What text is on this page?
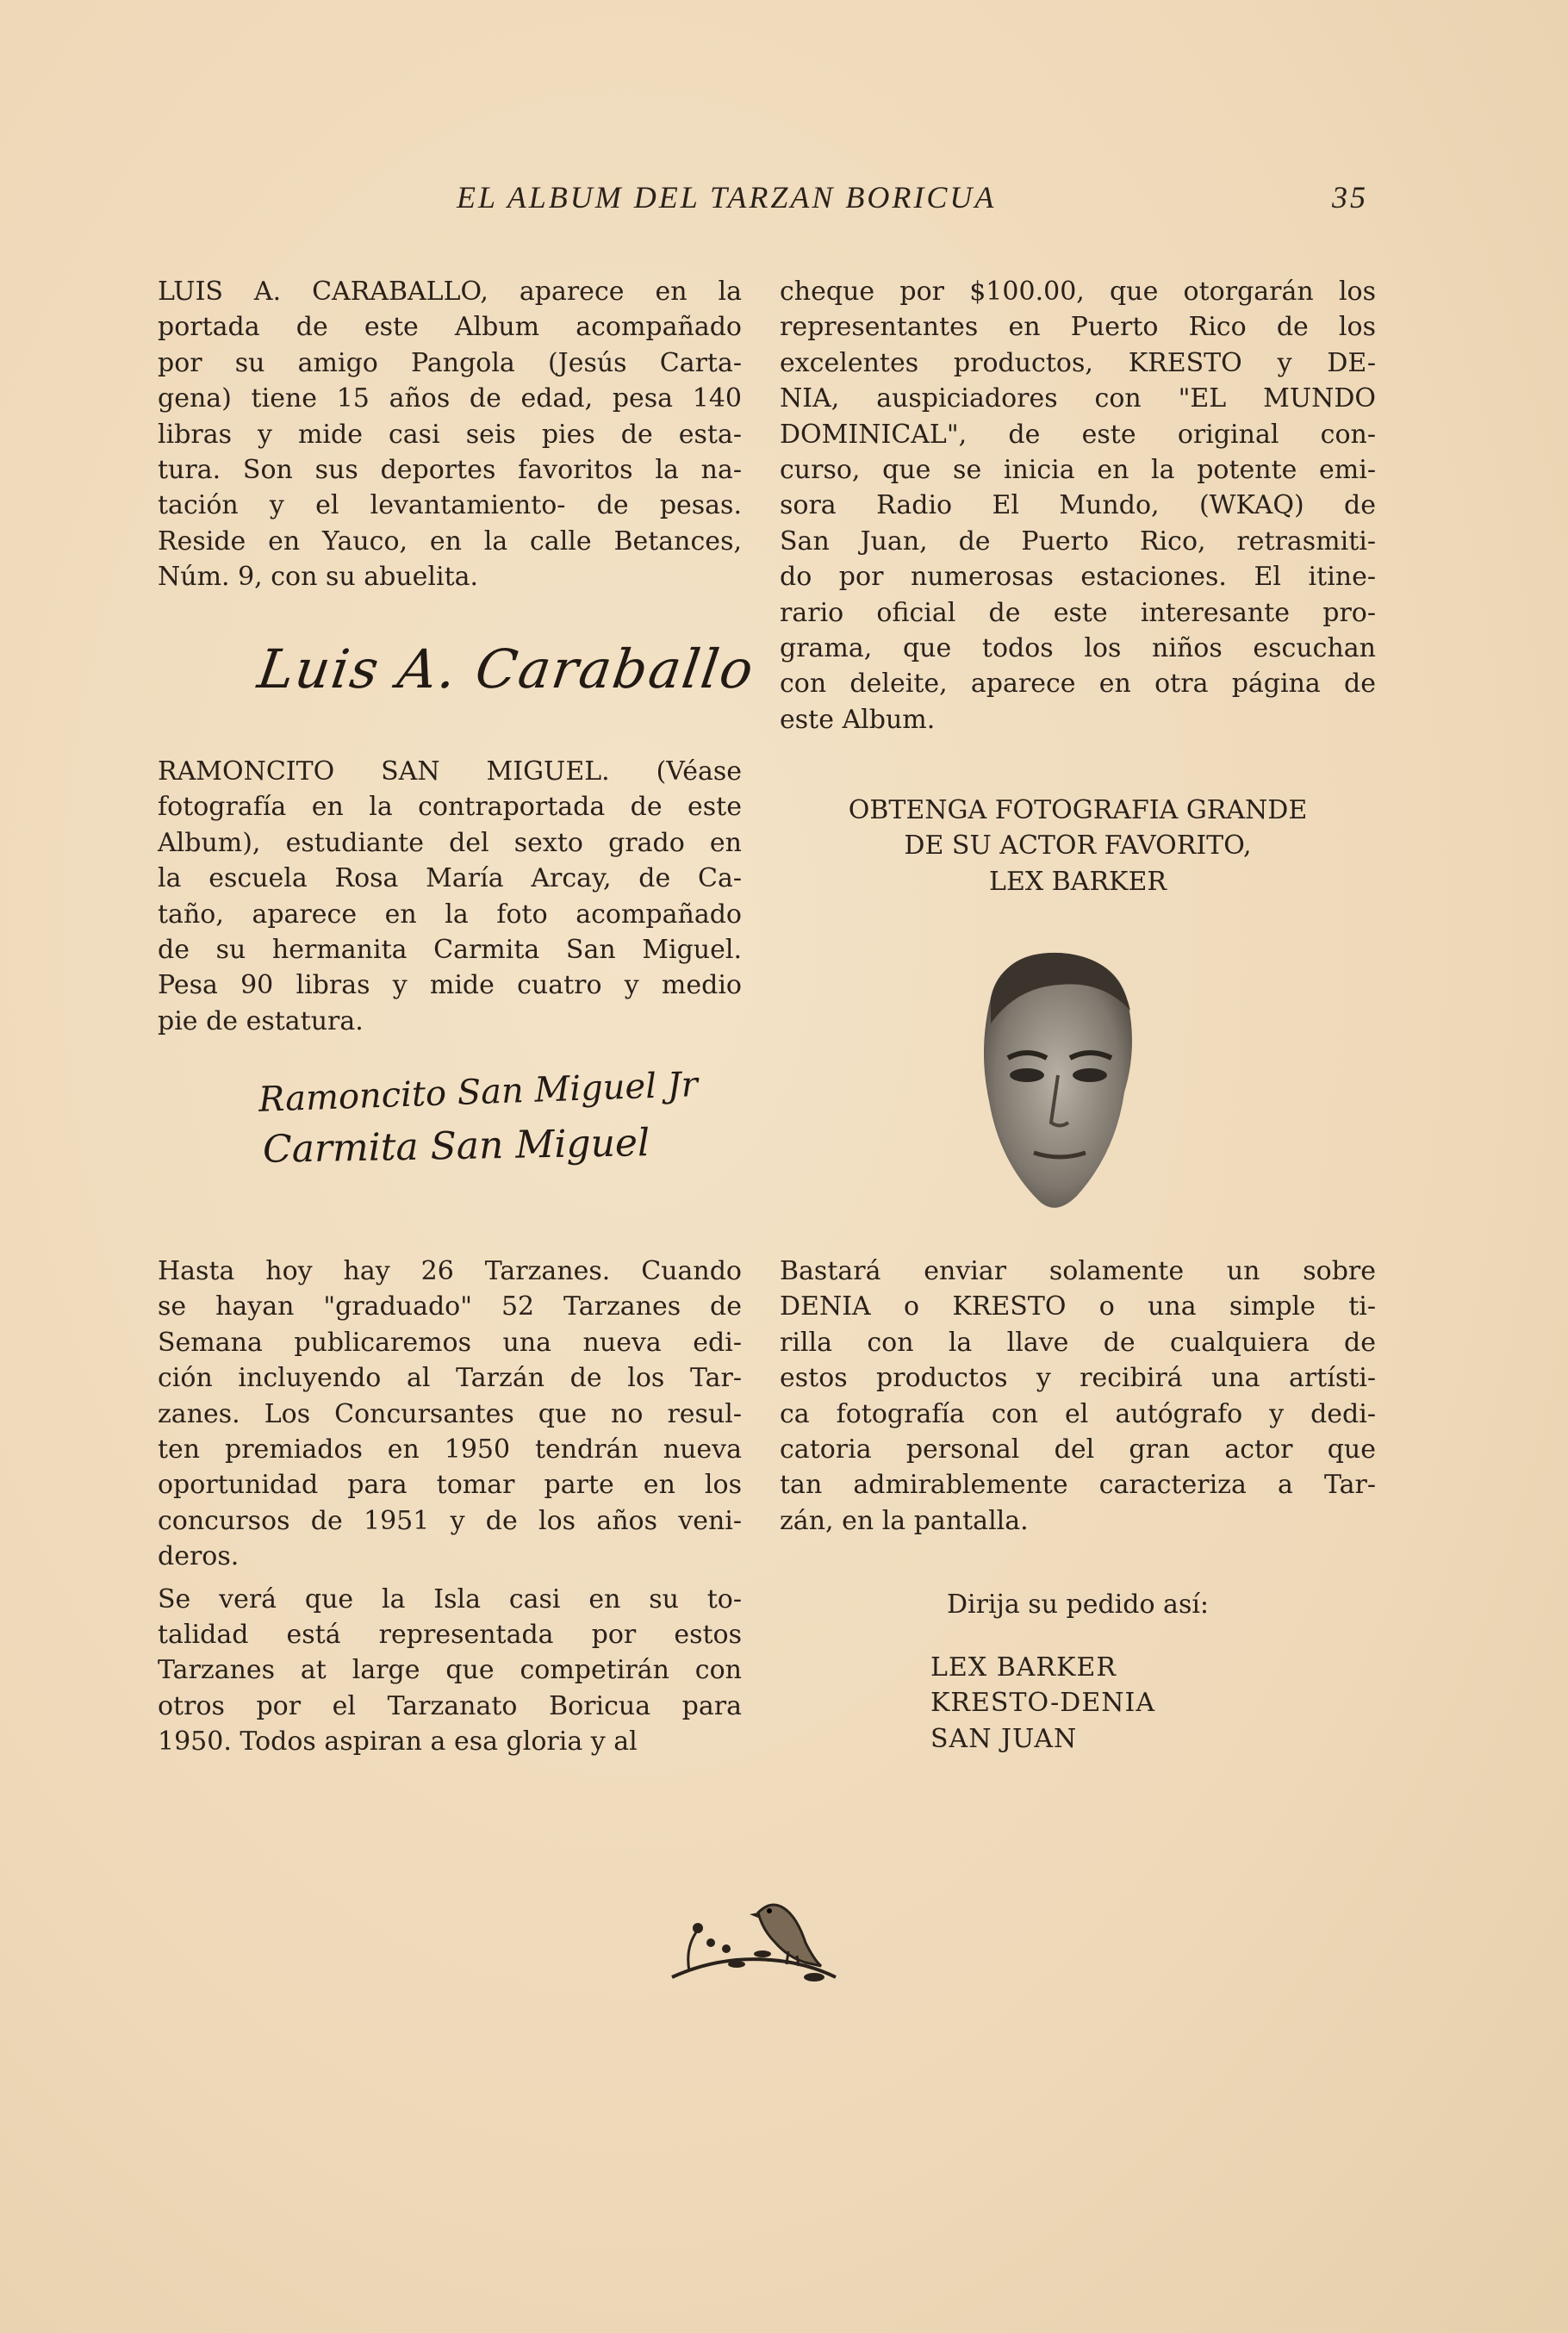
EL ALBUM DEL TARZAN BORICUA	35

LUIS A. CARABALLO, aparece en la
portada de este Album acompañado
por su amigo Pangola (Jesús Carta-
gena) tiene 15 años de edad, pesa 140
libras y mide casi seis pies de esta-
tura. Son sus deportes favoritos la na-
tación y el levantamiento- de pesas.
Reside en Yauco, en la calle Betances,
Núm. 9, con su abuelita.

Luis A. Caraballo

RAMONCITO SAN MIGUEL. (Véase
fotografía en la contraportada de este
Album), estudiante del sexto grado en
la escuela Rosa María Arcay, de Ca-
taño, aparece en la foto acompañado
de su hermanita Carmita San Miguel.
Pesa 90 libras y mide cuatro y medio
pie de estatura.

Ramoncito San Miguel Jr
Carmita San Miguel

Hasta hoy hay 26 Tarzanes. Cuando
se hayan "graduado" 52 Tarzanes de
Semana publicaremos una nueva edi-
ción incluyendo al Tarzán de los Tar-
zanes. Los Concursantes que no resul-
ten premiados en 1950 tendrán nueva
oportunidad para tomar parte en los
concursos de 1951 y de los años veni-
deros.

Se verá que la Isla casi en su to-
talidad está representada por estos
Tarzanes at large que competirán con
otros por el Tarzanato Boricua para
1950. Todos aspiran a esa gloria y al

cheque por $100.00, que otorgarán los
representantes en Puerto Rico de los
excelentes productos, KRESTO y DE-
NIA, auspiciadores con "EL MUNDO
DOMINICAL", de este original con-
curso, que se inicia en la potente emi-
sora Radio El Mundo, (WKAQ) de
San Juan, de Puerto Rico, retrasmiti-
do por numerosas estaciones. El itine-
rario oficial de este interesante pro-
grama, que todos los niños escuchan
con deleite, aparece en otra página de
este Album.

OBTENGA FOTOGRAFIA GRANDE
DE SU ACTOR FAVORITO,
LEX BARKER

Bastará enviar solamente un sobre
DENIA o KRESTO o una simple ti-
rilla con la llave de cualquiera de
estos productos y recibirá una artísti-
ca fotografía con el autógrafo y dedi-
catoria personal del gran actor que
tan admirablemente caracteriza a Tar-
zán, en la pantalla.

Dirija su pedido así:
LEX BARKER
KRESTO-DENIA
SAN JUAN
